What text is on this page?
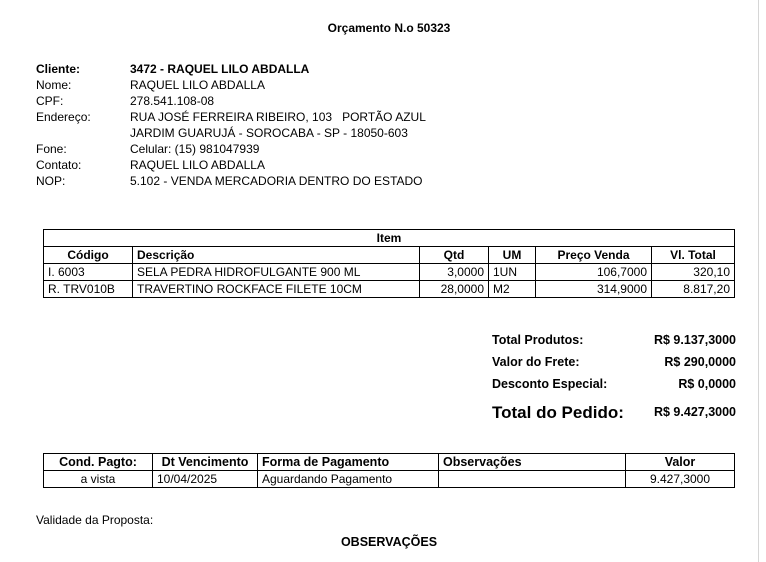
Orçamento N.o 50323
Cliente:	3472 - RAQUEL LILO ABDALLA
Nome:	RAQUEL LILO ABDALLA
CPF:	278.541.108-08
Endereço:	RUA JOSÉ FERREIRA RIBEIRO, 103   PORTÃO AZUL
JARDIM GUARUJÁ - SOROCABA - SP - 18050-603
Fone:	Celular: (15) 981047939
Contato:	RAQUEL LILO ABDALLA
NOP:	5.102 - VENDA MERCADORIA DENTRO DO ESTADO
Item					
Código	Descrição	Qtd	UM	Preço Venda	Vl. Total
I. 6003	SELA PEDRA HIDROFULGANTE 900 ML	3,0000	1UN	106,7000	320,10
R. TRV010B	TRAVERTINO ROCKFACE FILETE 10CM	28,0000	M2	314,9000	8.817,20
Total Produtos:	R$ 9.137,3000
Valor do Frete:	R$ 290,0000
Desconto Especial:	R$ 0,0000
Total do Pedido: R$ 9.427,3000
Cond. Pagto:	Dt Vencimento	Forma de Pagamento	Observações	Valor
a vista	10/04/2025	Aguardando Pagamento		9.427,3000
Validade da Proposta:
OBSERVAÇÕES
